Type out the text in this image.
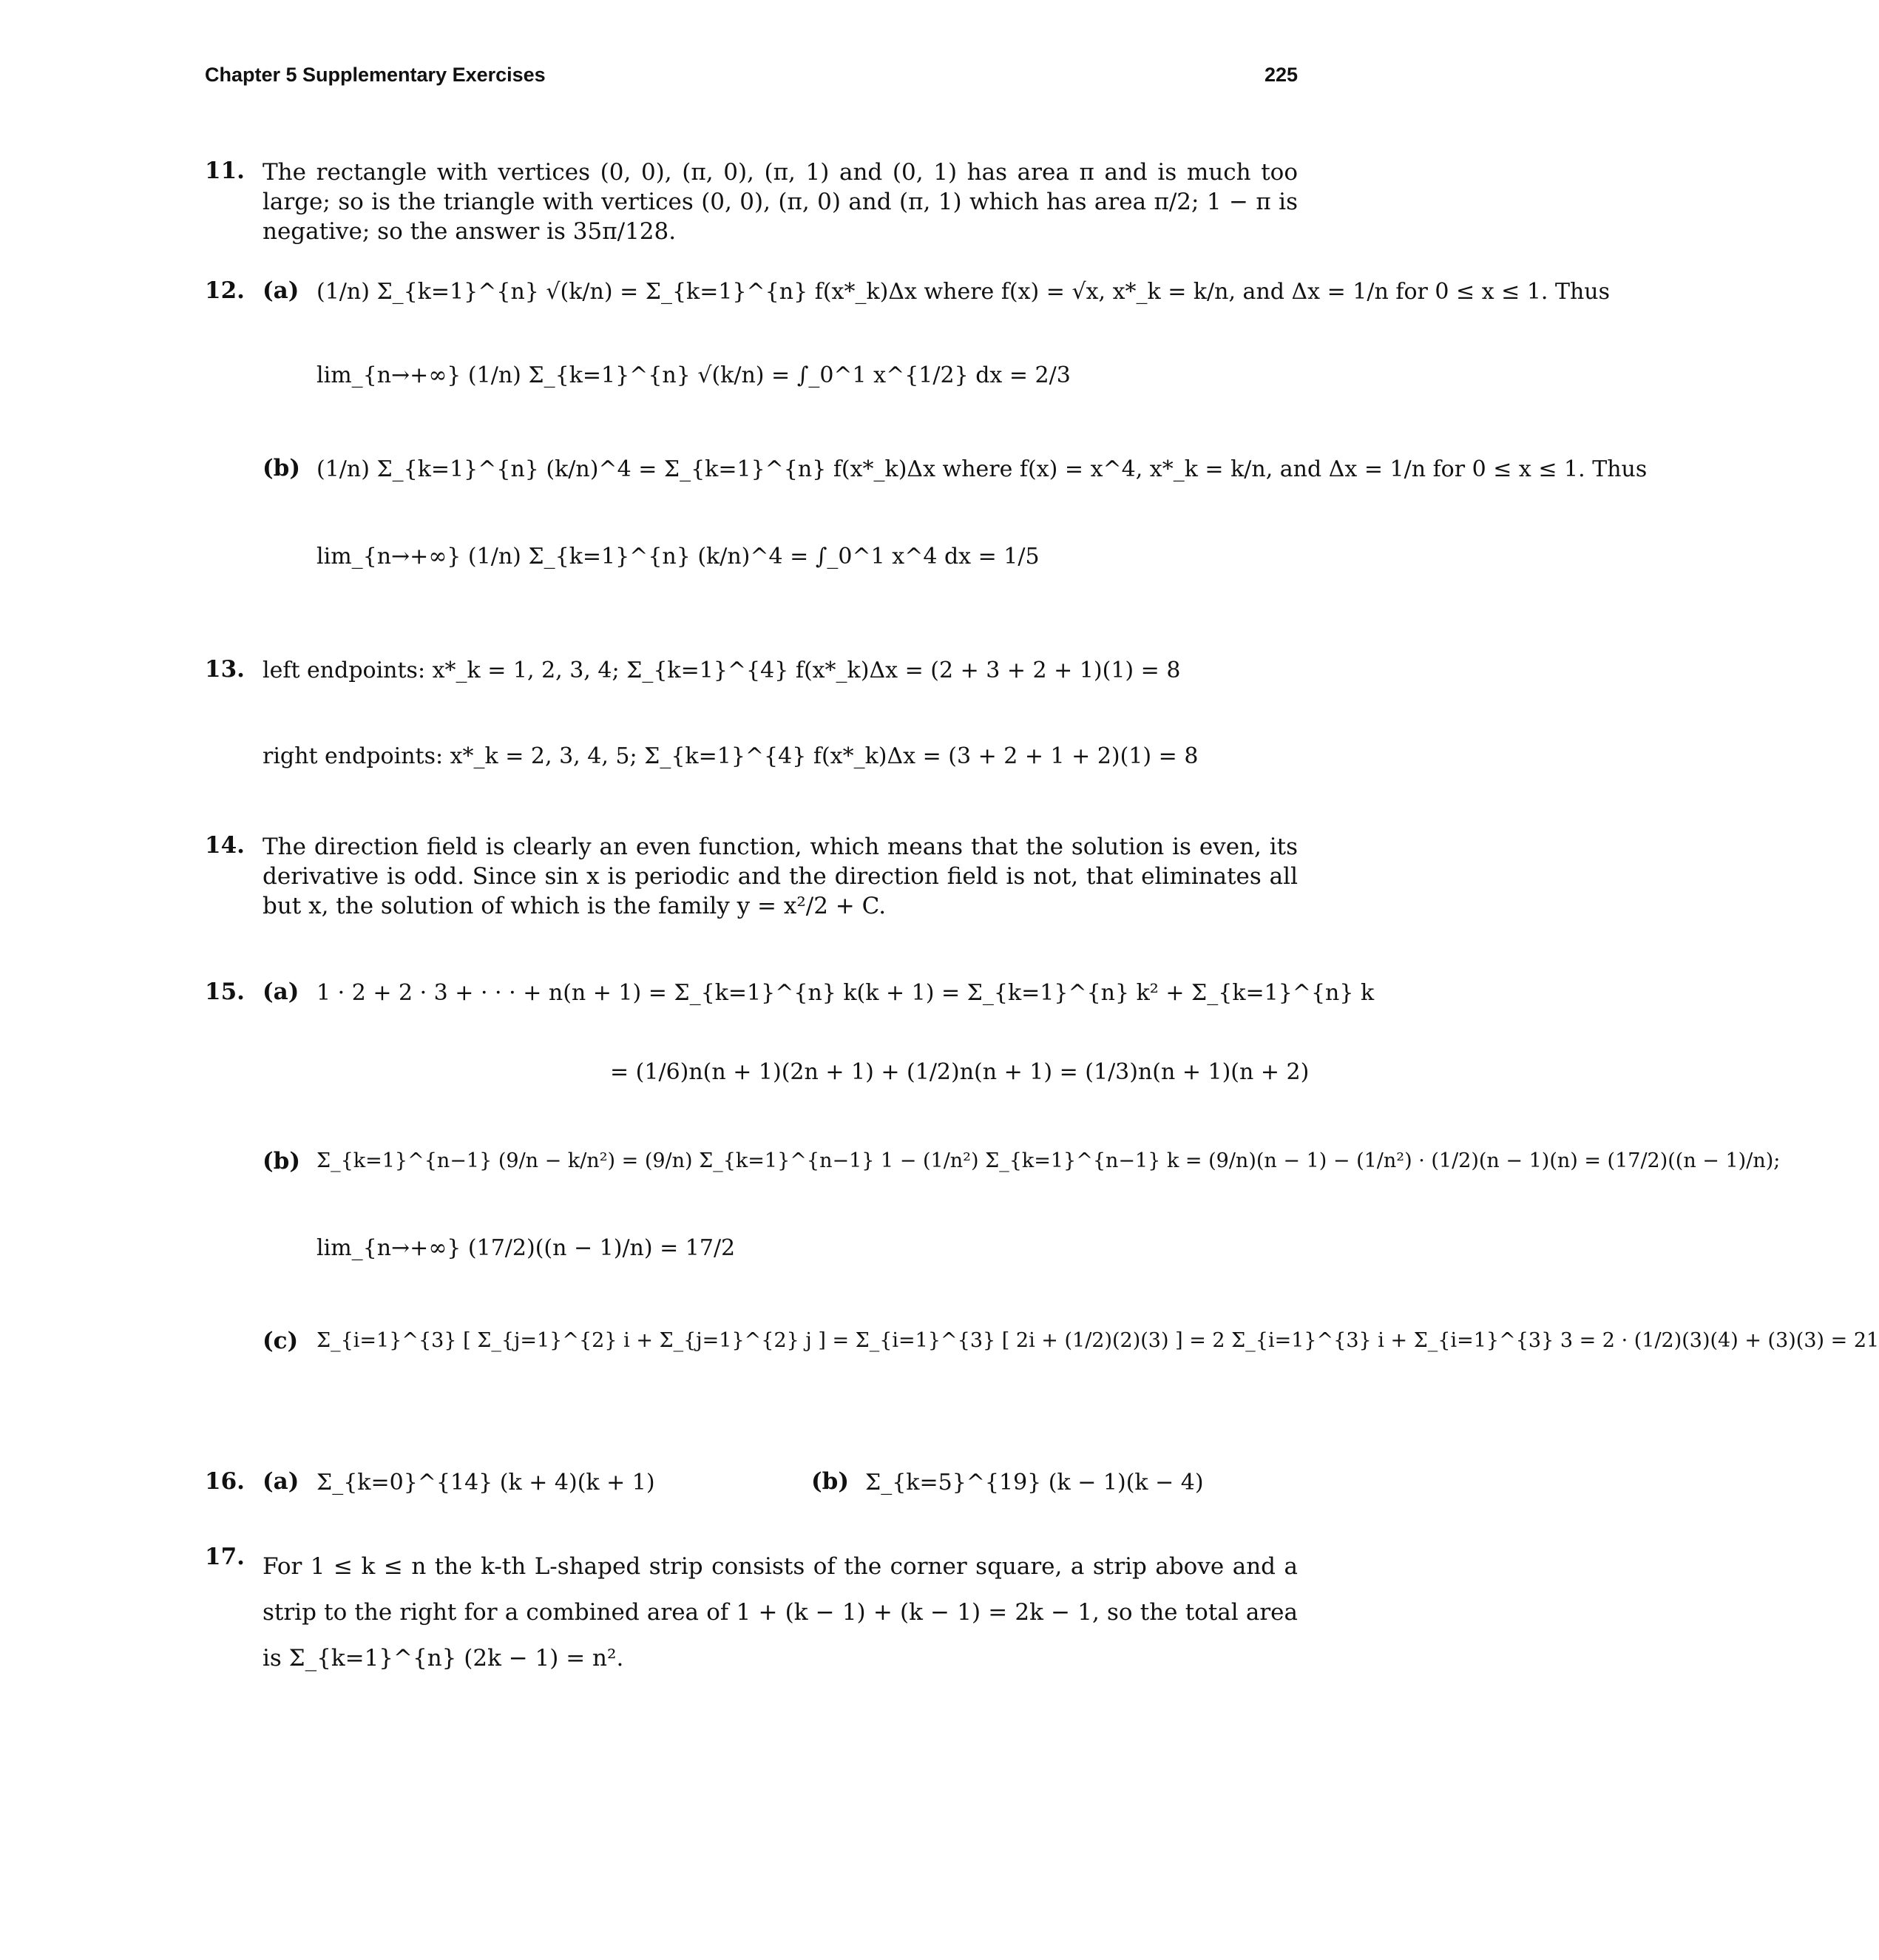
Chapter 5 Supplementary Exercises	225
11. The rectangle with vertices (0, 0), (π, 0), (π, 1) and (0, 1) has area π and is much too large; so is the triangle with vertices (0, 0), (π, 0) and (π, 1) which has area π/2; 1 − π is negative; so the answer is 35π/128.
12. (a) (1/n) Σ_{k=1}^{n} √(k/n) = Σ_{k=1}^{n} f(x*_k)Δx where f(x) = √x, x*_k = k/n, and Δx = 1/n for 0 ≤ x ≤ 1. Thus
lim_{n→+∞} (1/n) Σ_{k=1}^{n} √(k/n) = ∫_0^1 x^{1/2} dx = 2/3
(b) (1/n) Σ_{k=1}^{n} (k/n)^4 = Σ_{k=1}^{n} f(x*_k)Δx where f(x) = x^4, x*_k = k/n, and Δx = 1/n for 0 ≤ x ≤ 1. Thus
lim_{n→+∞} (1/n) Σ_{k=1}^{n} (k/n)^4 = ∫_0^1 x^4 dx = 1/5
13. left endpoints: x*_k = 1, 2, 3, 4; Σ_{k=1}^{4} f(x*_k)Δx = (2 + 3 + 2 + 1)(1) = 8
right endpoints: x*_k = 2, 3, 4, 5; Σ_{k=1}^{4} f(x*_k)Δx = (3 + 2 + 1 + 2)(1) = 8
14. The direction field is clearly an even function, which means that the solution is even, its derivative is odd. Since sin x is periodic and the direction field is not, that eliminates all but x, the solution of which is the family y = x²/2 + C.
15. (a) 1 · 2 + 2 · 3 + · · · + n(n + 1) = Σ_{k=1}^{n} k(k + 1) = Σ_{k=1}^{n} k² + Σ_{k=1}^{n} k
= (1/6)n(n + 1)(2n + 1) + (1/2)n(n + 1) = (1/3)n(n + 1)(n + 2)
(b) Σ_{k=1}^{n−1} (9/n − k/n²) = (9/n) Σ_{k=1}^{n−1} 1 − (1/n²) Σ_{k=1}^{n−1} k = (9/n)(n − 1) − (1/n²) · (1/2)(n − 1)(n) = (17/2)((n − 1)/n);
lim_{n→+∞} (17/2)((n − 1)/n) = 17/2
(c) Σ_{i=1}^{3} [ Σ_{j=1}^{2} i + Σ_{j=1}^{2} j ] = Σ_{i=1}^{3} [ 2i + (1/2)(2)(3) ] = 2 Σ_{i=1}^{3} i + Σ_{i=1}^{3} 3 = 2 · (1/2)(3)(4) + (3)(3) = 21
16. (a) Σ_{k=0}^{14} (k + 4)(k + 1)	(b) Σ_{k=5}^{19} (k − 1)(k − 4)
17. For 1 ≤ k ≤ n the k-th L-shaped strip consists of the corner square, a strip above and a strip to the right for a combined area of 1 + (k − 1) + (k − 1) = 2k − 1, so the total area is Σ_{k=1}^{n} (2k − 1) = n².
